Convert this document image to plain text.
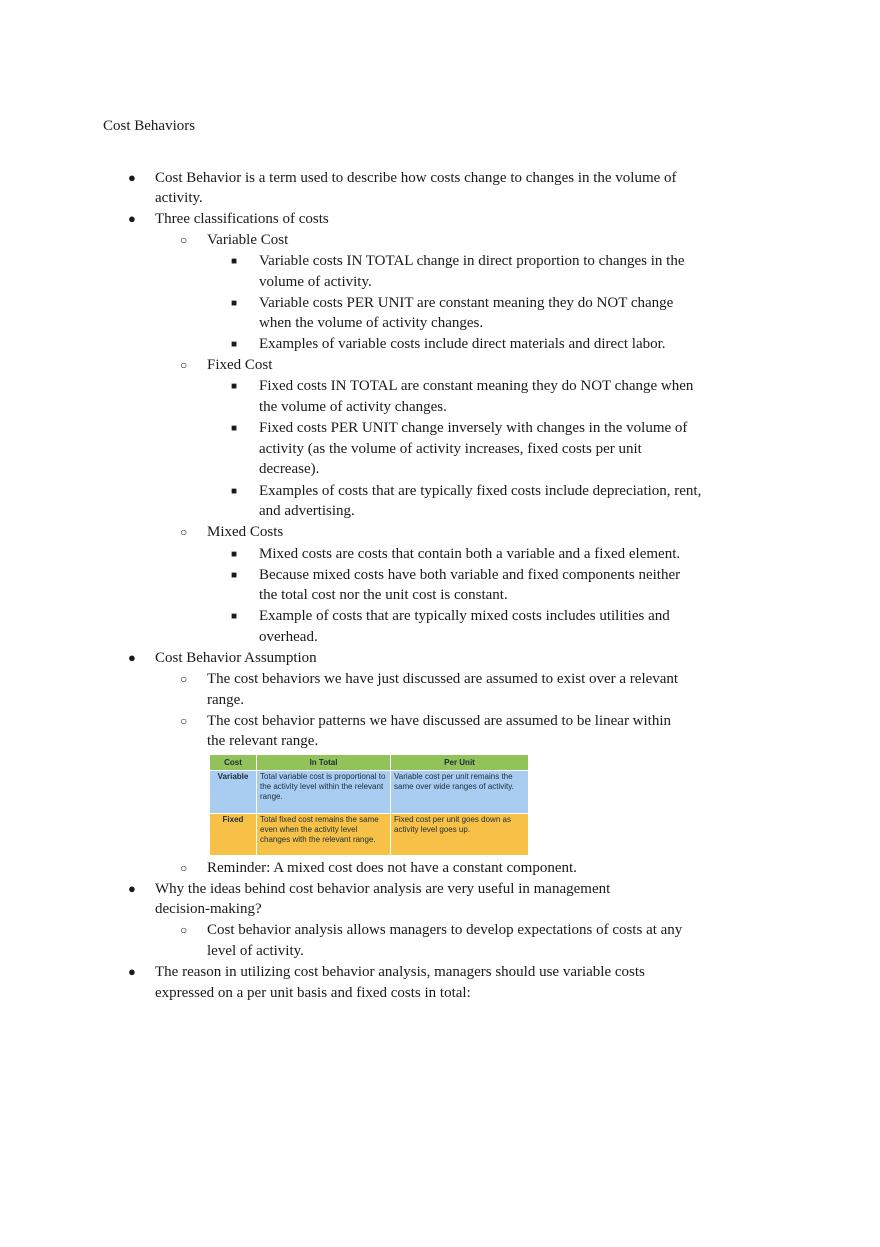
Cost Behaviors
●	Cost Behavior is a term used to describe how costs change to changes in the volume of
activity.
●	Three classifications of costs
○	Variable Cost
■	Variable costs IN TOTAL change in direct proportion to changes in the
volume of activity.
■	Variable costs PER UNIT are constant meaning they do NOT change
when the volume of activity changes.
■	Examples of variable costs include direct materials and direct labor.
○	Fixed Cost
■	Fixed costs IN TOTAL are constant meaning they do NOT change when
the volume of activity changes.
■	Fixed costs PER UNIT change inversely with changes in the volume of
activity (as the volume of activity increases, fixed costs per unit
decrease).
■	Examples of costs that are typically fixed costs include depreciation, rent,
and advertising.
○	Mixed Costs
■	Mixed costs are costs that contain both a variable and a fixed element.
■	Because mixed costs have both variable and fixed components neither
the total cost nor the unit cost is constant.
■	Example of costs that are typically mixed costs includes utilities and
overhead.
●	Cost Behavior Assumption
○	The cost behaviors we have just discussed are assumed to exist over a relevant
range.
○	The cost behavior patterns we have discussed are assumed to be linear within
the relevant range.
Cost	In Total	Per Unit
Variable	Total variable cost is proportional to the activity level within the relevant range.	Variable cost per unit remains the same over wide ranges of activity.
Fixed	Total fixed cost remains the same even when the activity level changes with the relevant range.	Fixed cost per unit goes down as activity level goes up.
○	Reminder: A mixed cost does not have a constant component.
●	Why the ideas behind cost behavior analysis are very useful in management
decision-making?
○	Cost behavior analysis allows managers to develop expectations of costs at any
level of activity.
●	The reason in utilizing cost behavior analysis, managers should use variable costs
expressed on a per unit basis and fixed costs in total:
